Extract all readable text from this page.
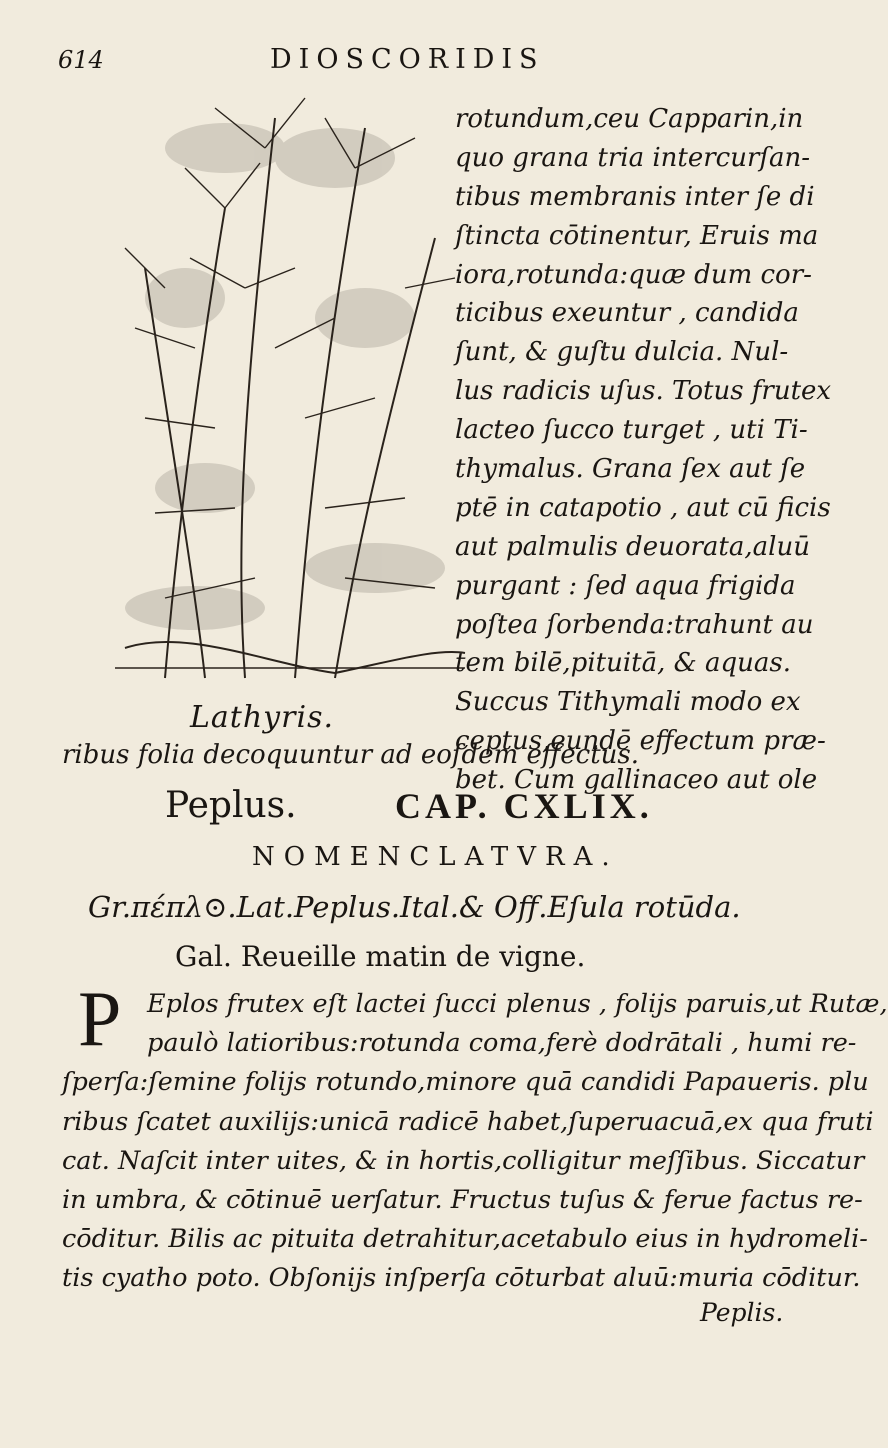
614	DIOSCORIDIS
Lathyris.
rotundum,ceu Capparin,in
quo grana tria intercurſan-
tibus membranis inter ſe di
ſtincta cōtinentur, Eruis ma
iora,rotunda:quæ dum cor-
ticibus exeuntur , candida
ſunt, & guſtu dulcia. Nul-
lus radicis uſus. Totus frutex
lacteo ſucco turget , uti Ti-
thymalus. Grana ſex aut ſe
ptē in catapotio , aut cū ficis
aut palmulis deuorata,aluū
purgant : ſed aqua frigida
poſtea ſorbenda:trahunt au
tem bilē,pituitā, & aquas.
Succus Tithymali modo ex
ceptus,eundē effectum præ-
bet. Cum gallinaceo aut ole
ribus folia decoquuntur ad eoſdem effectus.
Peplus.	CAP. CXLIX.
NOMENCLATVRA.
Gr.πέπλ⊙.Lat.Peplus.Ital.& Off.Eſula rotūda.
Gal. Reueille matin de vigne.
P	Eplos frutex eſt lactei ſucci plenus , folijs paruis,ut Rutæ,
paulò latioribus:rotunda coma,ferè dodrātali , humi re-
ſperſa:ſemine folijs rotundo,minore quā candidi Papaueris. plu
ribus ſcatet auxilijs:unicā radicē habet,ſuperuacuā,ex qua fruti
cat. Naſcit inter uites, & in hortis,colligitur meſſibus. Siccatur
in umbra, & cōtinuē uerſatur. Fructus tuſus & ferue factus re-
cōditur. Bilis ac pituita detrahitur,acetabulo eius in hydromeli-
tis cyatho poto. Obſonijs inſperſa cōturbat aluū:muria cōditur.
Peplis.
